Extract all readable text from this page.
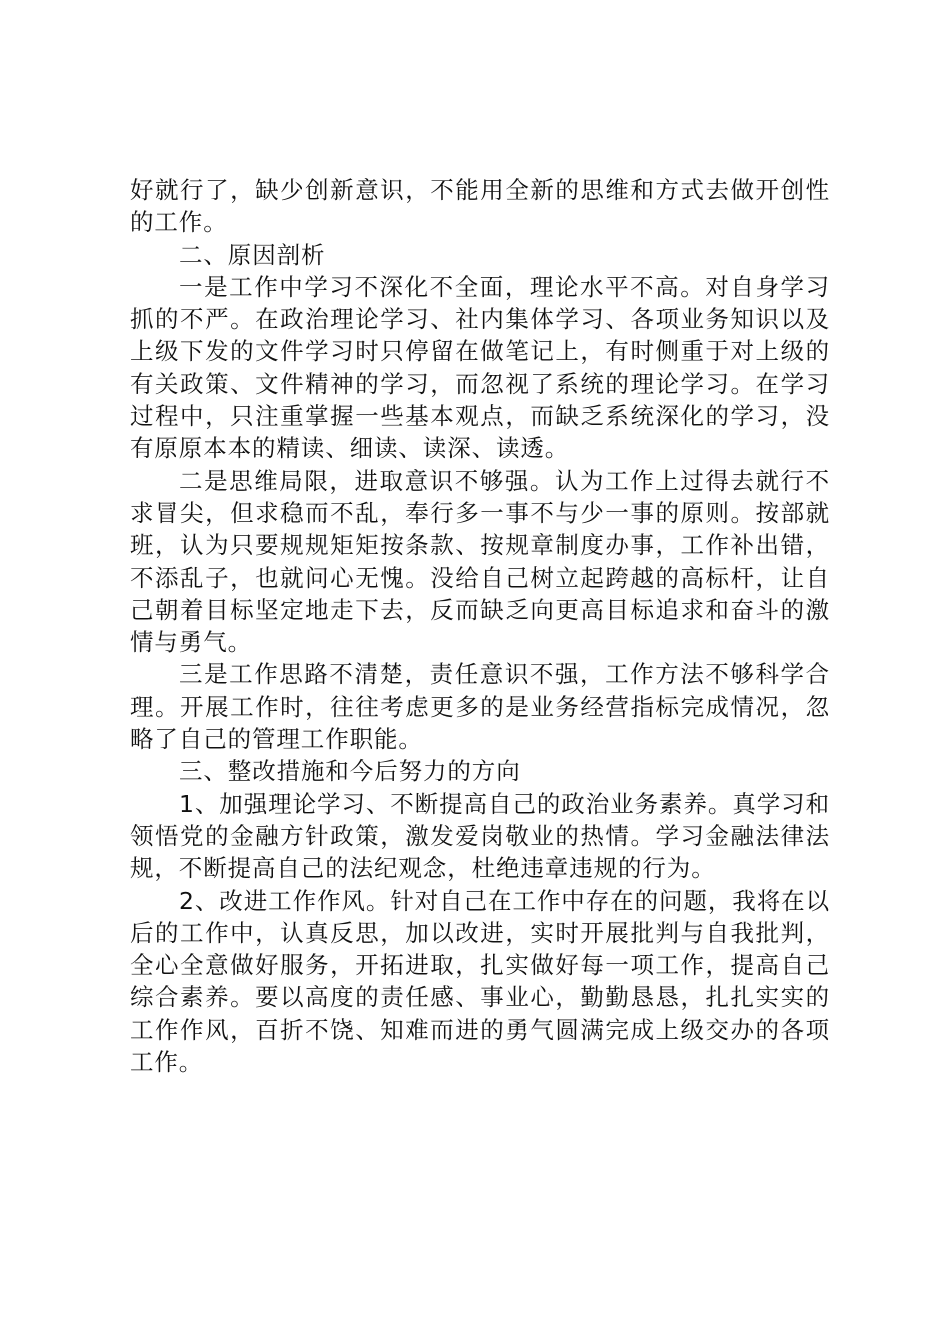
好就行了，缺少创新意识，不能用全新的思维和方式去做开创性的工作。

二、原因剖析

一是工作中学习不深化不全面，理论水平不高。对自身学习抓的不严。在政治理论学习、社内集体学习、各项业务知识以及上级下发的文件学习时只停留在做笔记上，有时侧重于对上级的有关政策、文件精神的学习，而忽视了系统的理论学习。在学习过程中，只注重掌握一些基本观点，而缺乏系统深化的学习，没有原原本本的精读、细读、读深、读透。

二是思维局限，进取意识不够强。认为工作上过得去就行不求冒尖，但求稳而不乱，奉行多一事不与少一事的原则。按部就班，认为只要规规矩矩按条款、按规章制度办事，工作补出错，不添乱子，也就问心无愧。没给自己树立起跨越的高标杆，让自己朝着目标坚定地走下去，反而缺乏向更高目标追求和奋斗的激情与勇气。

三是工作思路不清楚，责任意识不强，工作方法不够科学合理。开展工作时，往往考虑更多的是业务经营指标完成情况，忽略了自己的管理工作职能。

三、整改措施和今后努力的方向

1、加强理论学习、不断提高自己的政治业务素养。真学习和领悟党的金融方针政策，激发爱岗敬业的热情。学习金融法律法规，不断提高自己的法纪观念，杜绝违章违规的行为。

2、改进工作作风。针对自己在工作中存在的问题，我将在以后的工作中，认真反思，加以改进，实时开展批判与自我批判，全心全意做好服务，开拓进取，扎实做好每一项工作，提高自己综合素养。要以高度的责任感、事业心，勤勤恳恳，扎扎实实的工作作风，百折不饶、知难而进的勇气圆满完成上级交办的各项工作。
